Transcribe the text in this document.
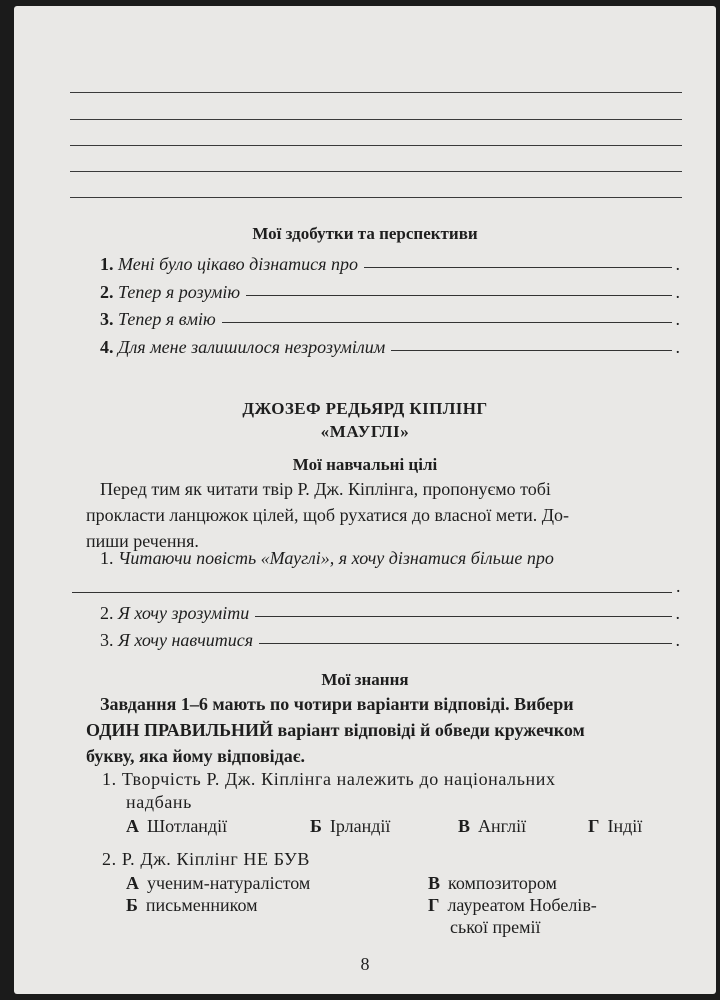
Мої здобутки та перспективи
1.
Мені було цікаво дізнатися про	.
2.
Тепер я розумію	.
3.
Тепер я вмію	.
4.
Для мене залишилося незрозумілим	.
ДЖОЗЕФ РЕДЬЯРД КІПЛІНГ
«МАУГЛІ»
Мої навчальні цілі
Перед тим як читати твір Р. Дж. Кіплінга, пропонуємо тобі
прокласти ланцюжок цілей, щоб рухатися до власної мети. До-
пиши речення.
1. Читаючи повість «Мауглі», я хочу дізнатися більше про
.
2.
Я хочу зрозуміти	.
3.
Я хочу навчитися	.
Мої знання
Завдання 1–6 мають по чотири варіанти відповіді. Вибери
ОДИН ПРАВИЛЬНИЙ варіант відповіді й обведи кружечком
букву, яка йому відповідає.
1. Творчість Р. Дж. Кіплінга належить до національних
надбань
А Шотландії	Б Ірландії	В Англії	Г Індії
2. Р. Дж. Кіплінг НЕ БУВ
А ученим-натуралістом
Б письменником
В композитором
Г лауреатом Нобелів-
ської премії
8
